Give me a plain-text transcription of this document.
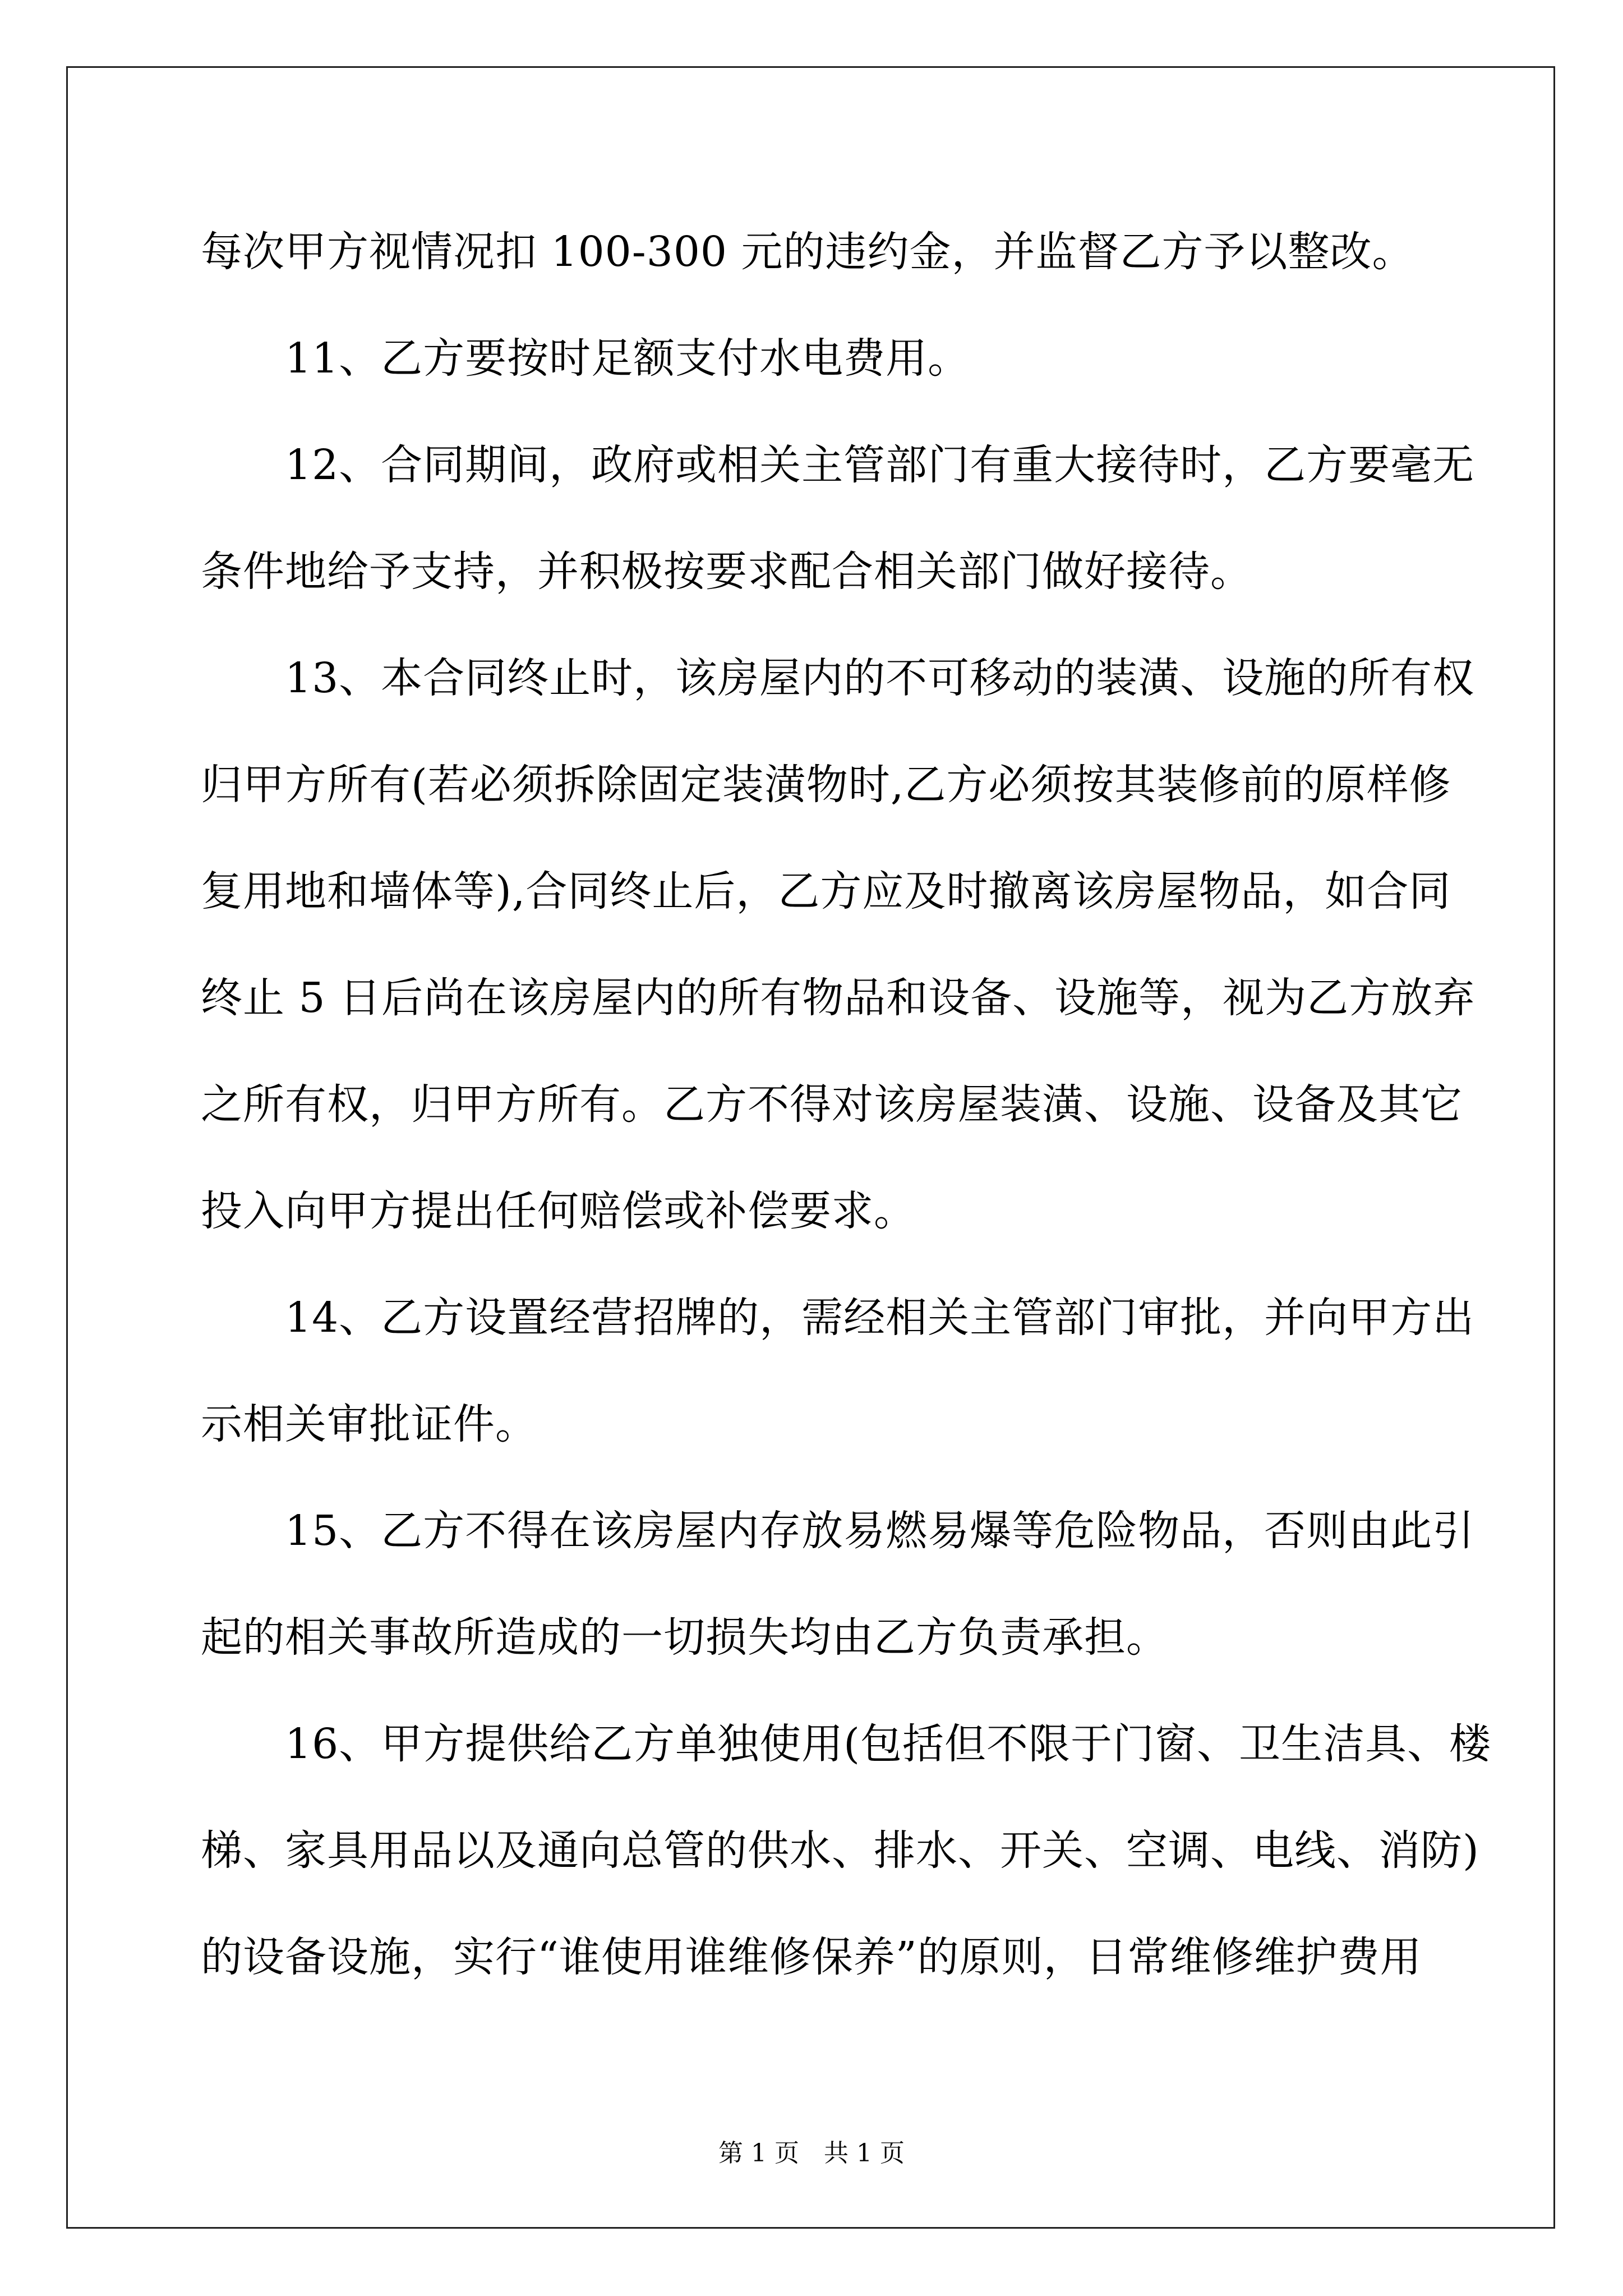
每次甲方视情况扣 100-300 元的违约金，并监督乙方予以整改。
　　11、乙方要按时足额支付水电费用。
　　12、合同期间，政府或相关主管部门有重大接待时，乙方要毫无
条件地给予支持，并积极按要求配合相关部门做好接待。
　　13、本合同终止时，该房屋内的不可移动的装潢、设施的所有权
归甲方所有(若必须拆除固定装潢物时,乙方必须按其装修前的原样修
复用地和墙体等),合同终止后，乙方应及时撤离该房屋物品，如合同
终止 5 日后尚在该房屋内的所有物品和设备、设施等，视为乙方放弃
之所有权，归甲方所有。乙方不得对该房屋装潢、设施、设备及其它
投入向甲方提出任何赔偿或补偿要求。
　　14、乙方设置经营招牌的，需经相关主管部门审批，并向甲方出
示相关审批证件。
　　15、乙方不得在该房屋内存放易燃易爆等危险物品，否则由此引
起的相关事故所造成的一切损失均由乙方负责承担。
　　16、甲方提供给乙方单独使用(包括但不限于门窗、卫生洁具、楼
梯、家具用品以及通向总管的供水、排水、开关、空调、电线、消防)
的设备设施，实行“谁使用谁维修保养”的原则，日常维修维护费用
第 1 页　共 1 页
